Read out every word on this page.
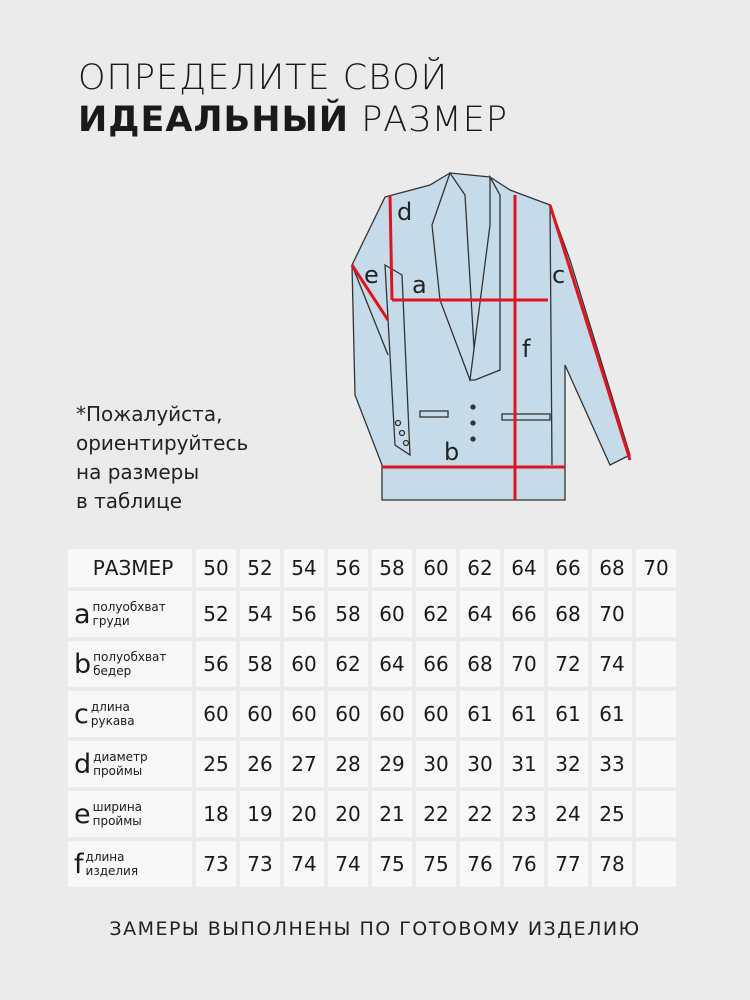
ОПРЕДЕЛИТЕ СВОЙ
ИДЕАЛЬНЫЙ РАЗМЕР
*Пожалуйста,
ориентируйтесь
на размеры
в таблице
a
b
c
d
e
f
РАЗМЕР	50	52	54	56	58	60	62	64	66	68	70
a полуобхват
груди	52	54	56	58	60	62	64	66	68	70	
b полуобхват
бедер	56	58	60	62	64	66	68	70	72	74	
c длина
рукава	60	60	60	60	60	60	61	61	61	61	
d диаметр
проймы	25	26	27	28	29	30	30	31	32	33	
e ширина
проймы	18	19	20	20	21	22	22	23	24	25	
f длина
изделия	73	73	74	74	75	75	76	76	77	78	
ЗАМЕРЫ ВЫПОЛНЕНЫ ПО ГОТОВОМУ ИЗДЕЛИЮ
